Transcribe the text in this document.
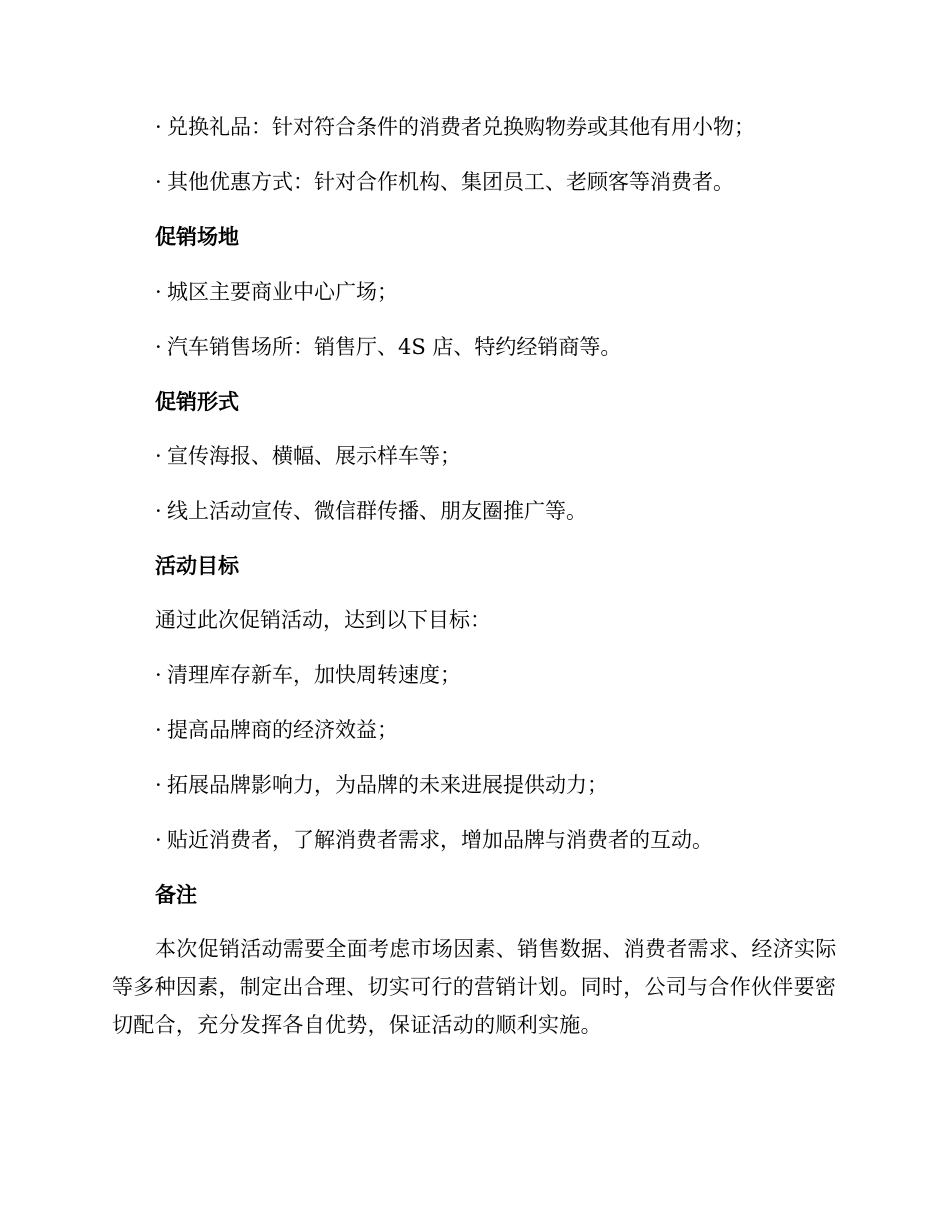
· 兑换礼品：针对符合条件的消费者兑换购物券或其他有用小物；
· 其他优惠方式：针对合作机构、集团员工、老顾客等消费者。
促销场地
· 城区主要商业中心广场；
· 汽车销售场所：销售厅、4S 店、特约经销商等。
促销形式
· 宣传海报、横幅、展示样车等；
· 线上活动宣传、微信群传播、朋友圈推广等。
活动目标
通过此次促销活动，达到以下目标：
· 清理库存新车，加快周转速度；
· 提高品牌商的经济效益；
· 拓展品牌影响力，为品牌的未来进展提供动力；
· 贴近消费者，了解消费者需求，增加品牌与消费者的互动。
备注
本次促销活动需要全面考虑市场因素、销售数据、消费者需求、经济实际等多种因素，制定出合理、切实可行的营销计划。同时，公司与合作伙伴要密切配合，充分发挥各自优势，保证活动的顺利实施。
